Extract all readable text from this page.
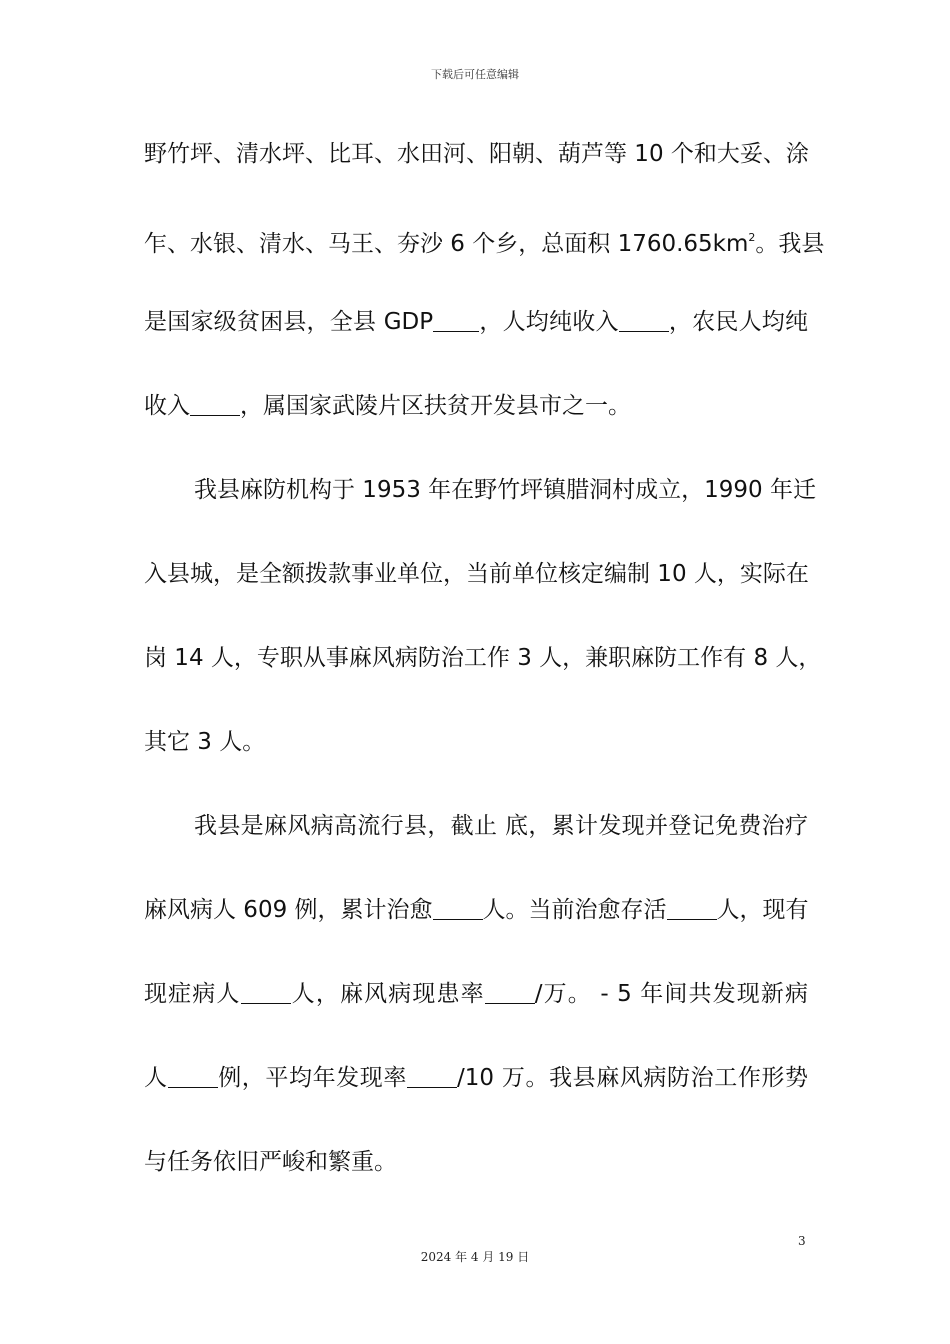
下载后可任意编辑
野竹坪、清水坪、比耳、水田河、阳朝、葫芦等 10 个和大妥、涂
乍、水银、清水、马王、夯沙 6 个乡，总面积 $1760.65km^2$。我县
是国家级贫困县，全县 GDP ，人均纯收入 ，农民人均纯
收入 ，属国家武陵片区扶贫开发县市之一。
我县麻防机构于 1953 年在野竹坪镇腊洞村成立，1990 年迁
入县城，是全额拨款事业单位，当前单位核定编制 10 人，实际在
岗 14 人，专职从事麻风病防治工作 3 人，兼职麻防工作有 8 人，
其它 3 人。
我县是麻风病高流行县，截止 底，累计发现并登记免费治疗
麻风病人 609 例，累计治愈 人。当前治愈存活 人，现有
现症病人 人，麻风病现患率 /万。 - 5 年间共发现新病
人 例，平均年发现率 /10 万。我县麻风病防治工作形势
与任务依旧严峻和繁重。
3
2024 年 4 月 19 日
